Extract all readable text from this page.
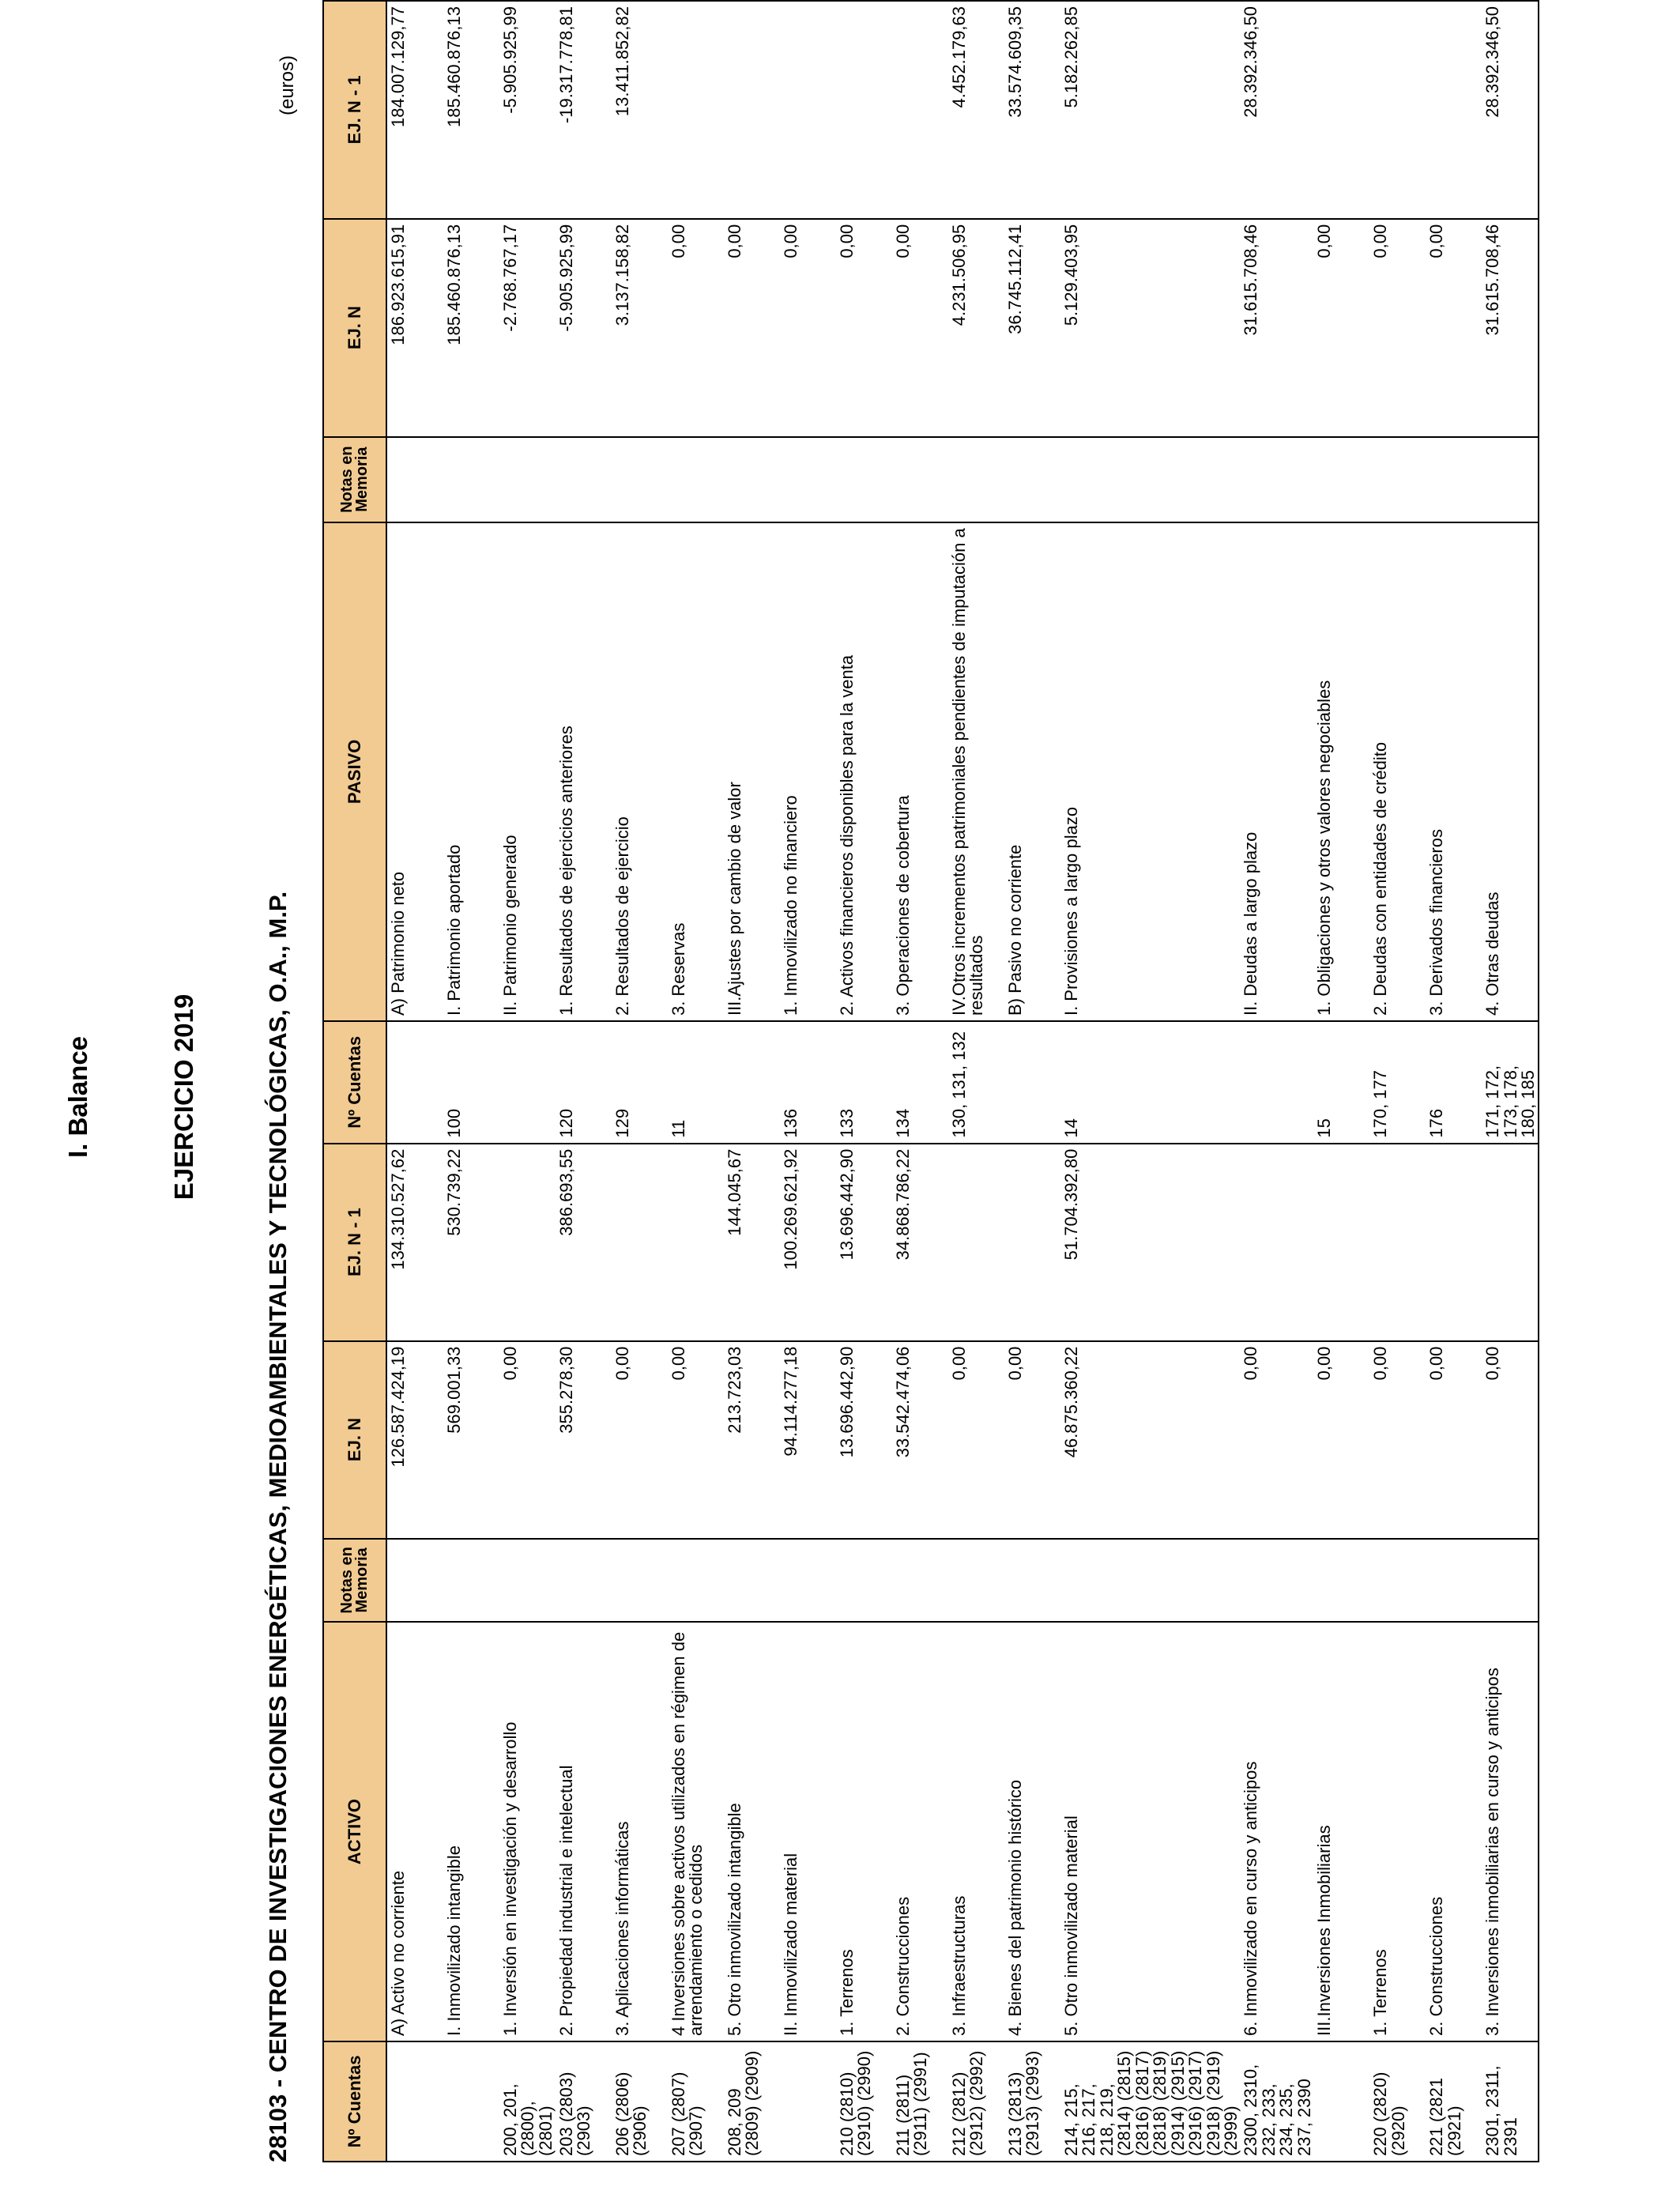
I. Balance	EJERCICIO 2019	28103 - CENTRO DE INVESTIGACIONES ENERGÉTICAS, MEDIOAMBIENTALES Y TECNOLÓGICAS, O.A., M.P.
(euros)
Nº Cuentas	ACTIVO	Notas en Memoria	EJ. N	EJ. N - 1	Nº Cuentas	PASIVO	Notas en Memoria	EJ. N	EJ. N - 1
	A) Activo no corriente		126.587.424,19	134.310.527,62		A) Patrimonio neto		186.923.615,91	184.007.129,77
	I. Inmovilizado intangible		569.001,33	530.739,22	100	I. Patrimonio aportado		185.460.876,13	185.460.876,13
200, 201, (2800), (2801)	1. Inversión en investigación y desarrollo		0,00			II. Patrimonio generado		-2.768.767,17	-5.905.925,99
203 (2803) (2903)	2. Propiedad industrial e intelectual		355.278,30	386.693,55	120	1. Resultados de ejercicios anteriores		-5.905.925,99	-19.317.778,81
206 (2806) (2906)	3. Aplicaciones informáticas		0,00		129	2. Resultados de ejercicio		3.137.158,82	13.411.852,82
207 (2807) (2907)	4 Inversiones sobre activos utilizados en régimen de arrendamiento o cedidos		0,00		11	3. Reservas		0,00	
208, 209 (2809) (2909)	5. Otro inmovilizado intangible		213.723,03	144.045,67		III.Ajustes por cambio de valor		0,00	
	II. Inmovilizado material		94.114.277,18	100.269.621,92	136	1. Inmovilizado no financiero		0,00	
210 (2810) (2910) (2990)	1. Terrenos		13.696.442,90	13.696.442,90	133	2. Activos financieros disponibles para la venta		0,00	
211 (2811) (2911) (2991)	2. Construcciones		33.542.474,06	34.868.786,22	134	3. Operaciones de cobertura		0,00	
212 (2812) (2912) (2992)	3. Infraestructuras		0,00		130, 131, 132	IV.Otros incrementos patrimoniales pendientes de imputación a resultados		4.231.506,95	4.452.179,63
213 (2813) (2913) (2993)	4. Bienes del patrimonio histórico		0,00			B) Pasivo no corriente		36.745.112,41	33.574.609,35
214, 215, 216, 217, 218, 219, (2814) (2815) (2816) (2817) (2818) (2819) (2914) (2915) (2916) (2917) (2918) (2919) (2999)	5. Otro inmovilizado material		46.875.360,22	51.704.392,80	14	I. Provisiones a largo plazo		5.129.403,95	5.182.262,85
2300, 2310, 232, 233, 234, 235, 237, 2390	6. Inmovilizado en curso y anticipos		0,00			II. Deudas a largo plazo		31.615.708,46	28.392.346,50
	III.Inversiones Inmobiliarias		0,00		15	1. Obligaciones y otros valores negociables		0,00	
220 (2820) (2920)	1. Terrenos		0,00		170, 177	2. Deudas con entidades de crédito		0,00	
221 (2821 (2921)	2. Construcciones		0,00		176	3. Derivados financieros		0,00	
2301, 2311, 2391	3. Inversiones inmobiliarias en curso y anticipos		0,00		171, 172, 173, 178, 180, 185	4. Otras deudas		31.615.708,46	28.392.346,50
